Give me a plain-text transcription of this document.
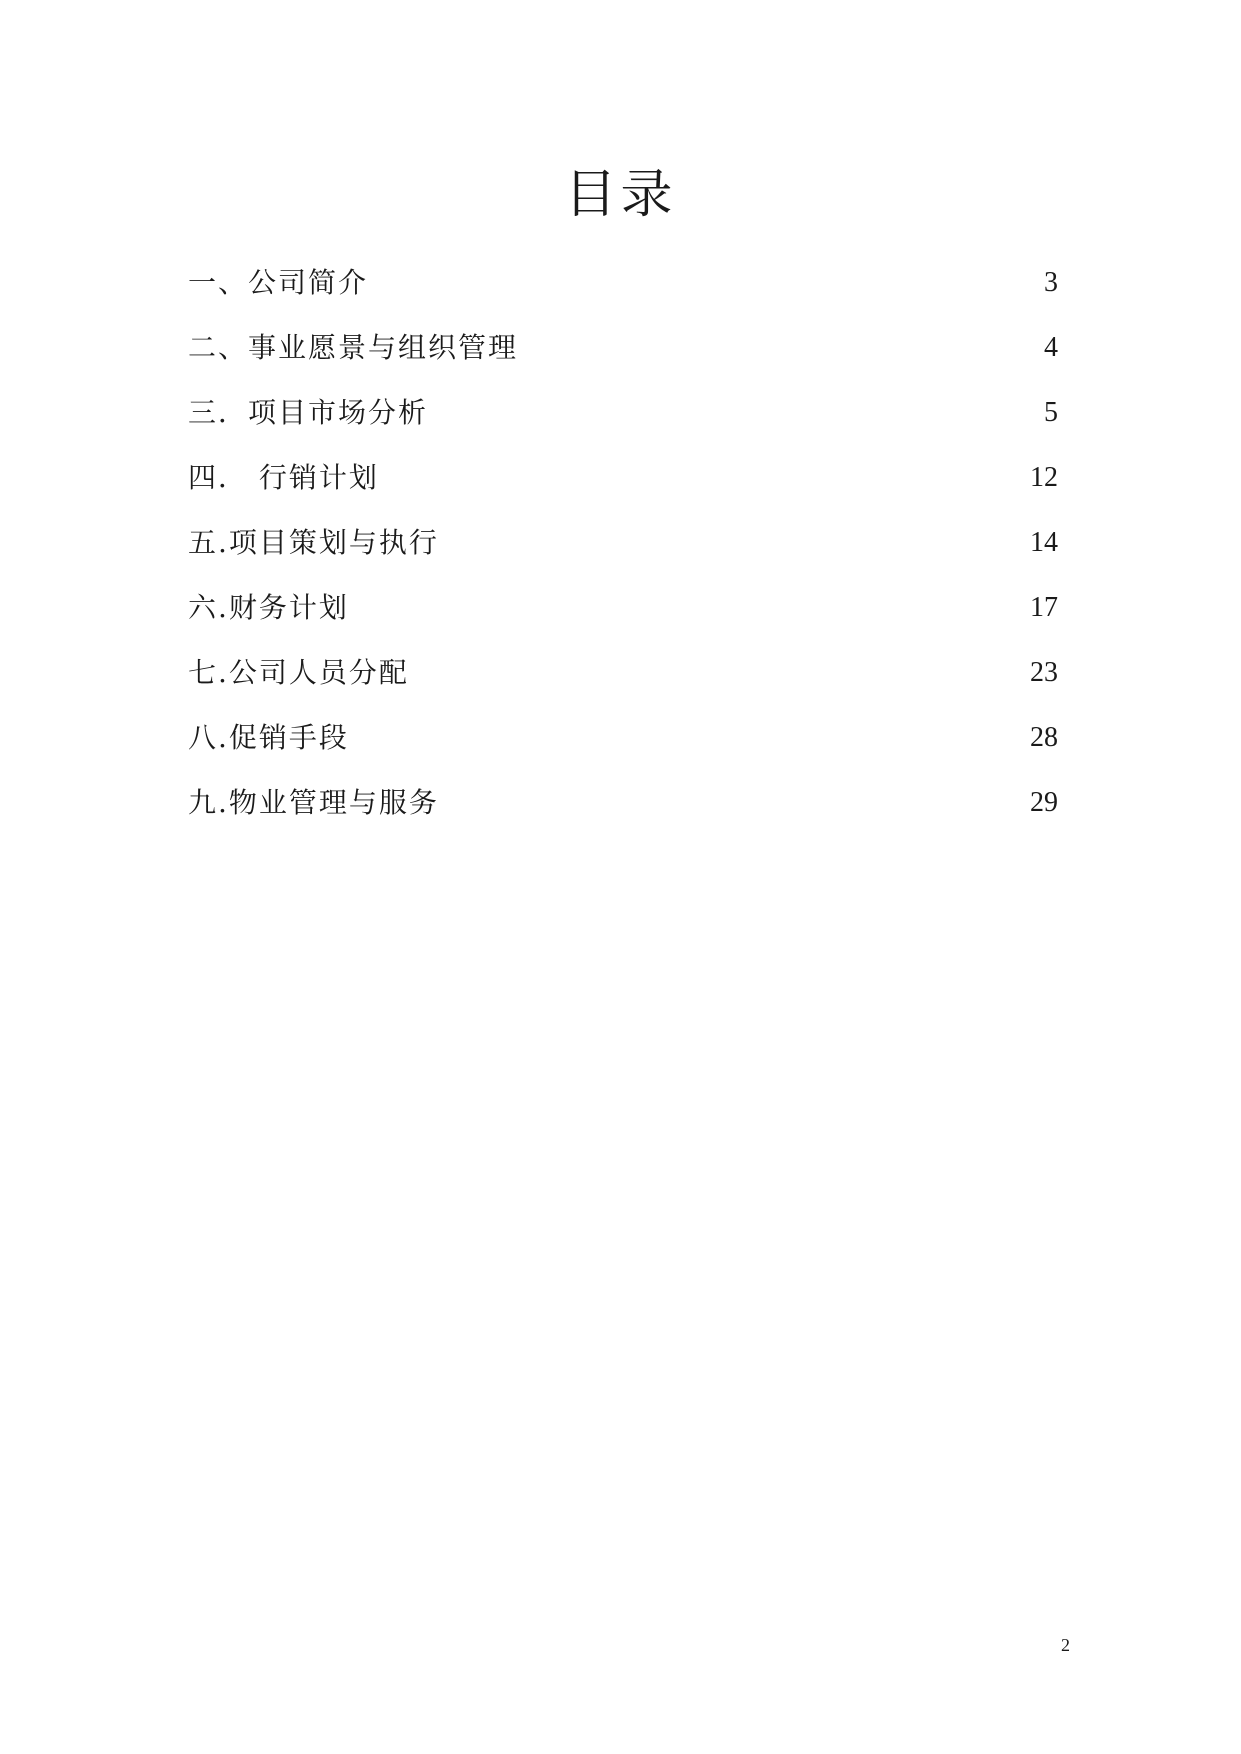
目录
一、公司简介	3
二、事业愿景与组织管理	4
三．项目市场分析	5
四． 行销计划	12
五.项目策划与执行	14
六.财务计划	17
七.公司人员分配	23
八.促销手段	28
九.物业管理与服务	29
2
